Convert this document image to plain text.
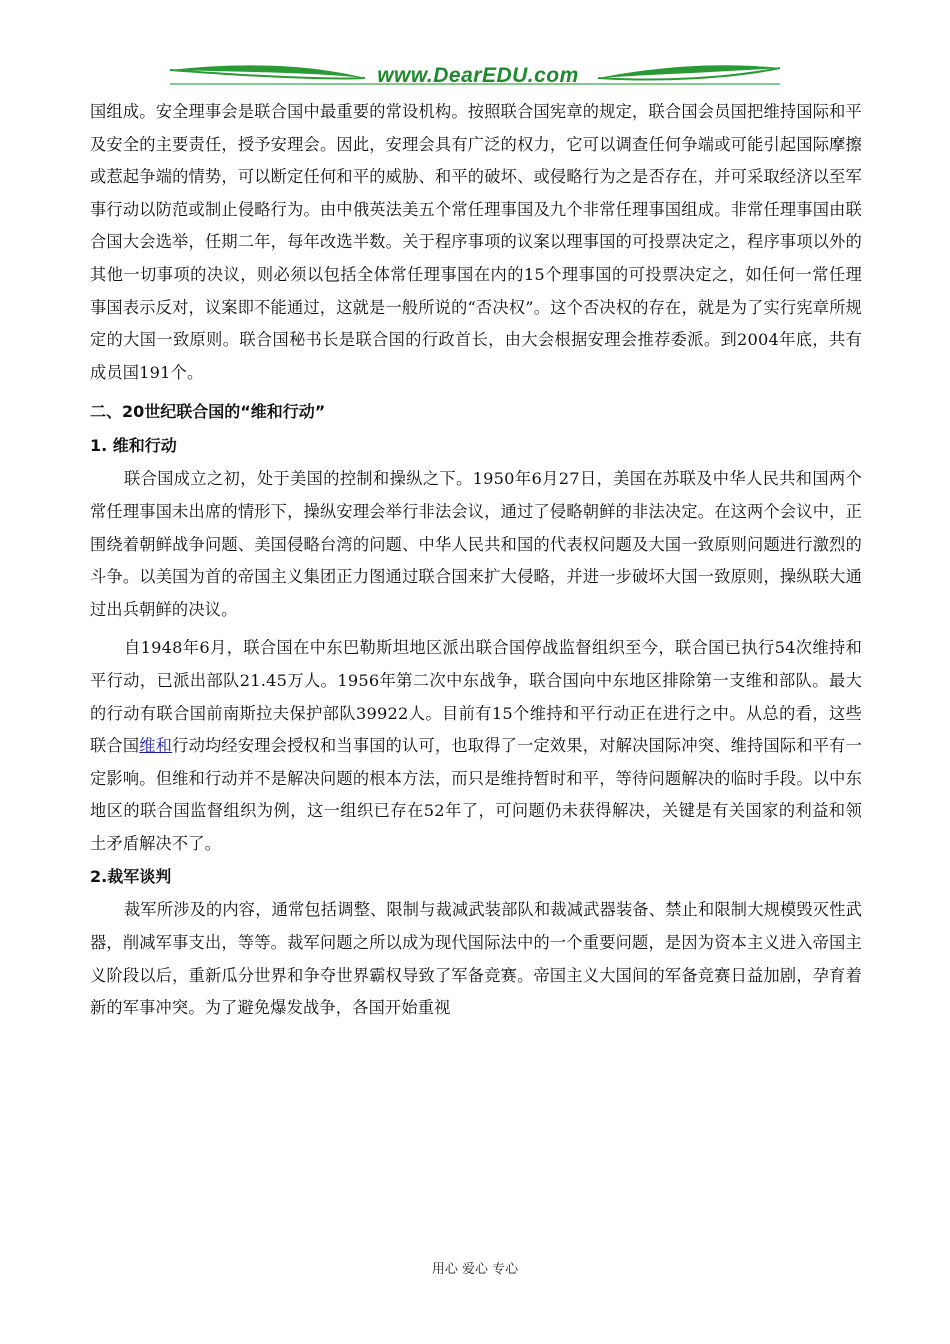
www.DearEDU.com

国组成。安全理事会是联合国中最重要的常设机构。按照联合国宪章的规定，联合国会员国把维持国际和平及安全的主要责任，授予安理会。因此，安理会具有广泛的权力，它可以调查任何争端或可能引起国际摩擦或惹起争端的情势，可以断定任何和平的威胁、和平的破坏、或侵略行为之是否存在，并可采取经济以至军事行动以防范或制止侵略行为。由中俄英法美五个常任理事国及九个非常任理事国组成。非常任理事国由联合国大会选举，任期二年，每年改选半数。关于程序事项的议案以理事国的可投票决定之，程序事项以外的其他一切事项的决议，则必须以包括全体常任理事国在内的15个理事国的可投票决定之，如任何一常任理事国表示反对，议案即不能通过，这就是一般所说的“否决权”。这个否决权的存在，就是为了实行宪章所规定的大国一致原则。联合国秘书长是联合国的行政首长，由大会根据安理会推荐委派。到2004年底，共有成员国191个。

二、20世纪联合国的“维和行动”

1. 维和行动

联合国成立之初，处于美国的控制和操纵之下。1950年6月27日，美国在苏联及中华人民共和国两个常任理事国未出席的情形下，操纵安理会举行非法会议，通过了侵略朝鲜的非法决定。在这两个会议中，正围绕着朝鲜战争问题、美国侵略台湾的问题、中华人民共和国的代表权问题及大国一致原则问题进行激烈的斗争。以美国为首的帝国主义集团正力图通过联合国来扩大侵略，并进一步破坏大国一致原则，操纵联大通过出兵朝鲜的决议。

自1948年6月，联合国在中东巴勒斯坦地区派出联合国停战监督组织至今，联合国已执行54次维持和平行动，已派出部队21.45万人。1956年第二次中东战争，联合国向中东地区排除第一支维和部队。最大的行动有联合国前南斯拉夫保护部队39922人。目前有15个维持和平行动正在进行之中。从总的看，这些联合国维和行动均经安理会授权和当事国的认可，也取得了一定效果，对解决国际冲突、维持国际和平有一定影响。但维和行动并不是解决问题的根本方法，而只是维持暂时和平，等待问题解决的临时手段。以中东地区的联合国监督组织为例，这一组织已存在52年了，可问题仍未获得解决，关键是有关国家的利益和领土矛盾解决不了。

2.裁军谈判

裁军所涉及的内容，通常包括调整、限制与裁减武装部队和裁减武器装备、禁止和限制大规模毁灭性武器，削减军事支出，等等。裁军问题之所以成为现代国际法中的一个重要问题，是因为资本主义进入帝国主义阶段以后，重新瓜分世界和争夺世界霸权导致了军备竞赛。帝国主义大国间的军备竞赛日益加剧，孕育着新的军事冲突。为了避免爆发战争，各国开始重视

用心 爱心 专心
